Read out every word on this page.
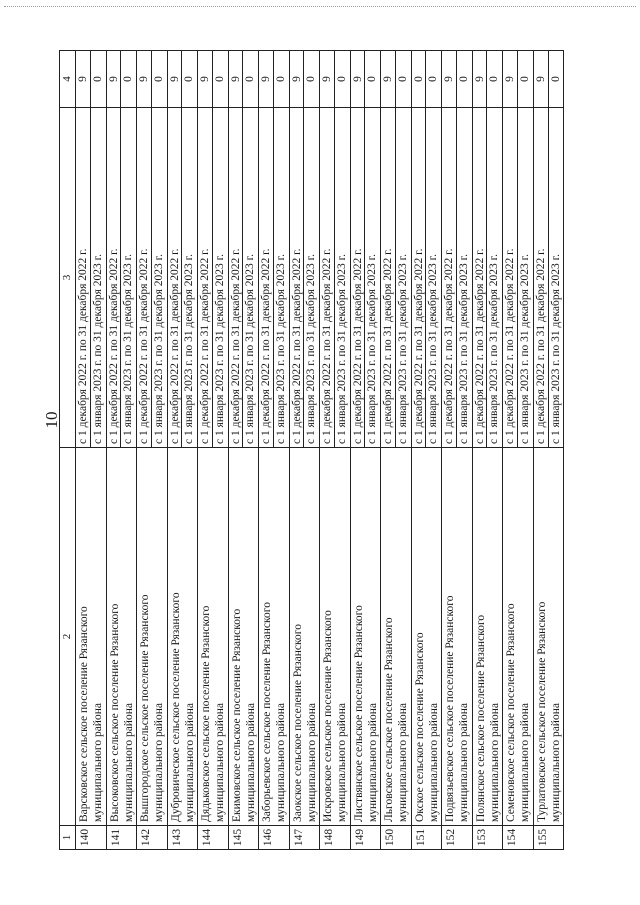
10
1
2
3
4
140
Варсковское сельское поселение Рязанского муниципального района
с 1 декабря 2022 г. по 31 декабря 2022 г. с 1 января 2023 г. по 31 декабря 2023 г.
9 0
141
Высоковское сельское поселение Рязанского муниципального района
с 1 декабря 2022 г. по 31 декабря 2022 г. с 1 января 2023 г. по 31 декабря 2023 г.
9 0
142
Вышгородское сельское поселение Рязанского муниципального района
с 1 декабря 2022 г. по 31 декабря 2022 г. с 1 января 2023 г. по 31 декабря 2023 г.
9 0
143
Дубровическое сельское поселение Рязанского муниципального района
с 1 декабря 2022 г. по 31 декабря 2022 г. с 1 января 2023 г. по 31 декабря 2023 г.
9 0
144
Дядьковское сельское поселение Рязанского муниципального района
с 1 декабря 2022 г. по 31 декабря 2022 г. с 1 января 2023 г. по 31 декабря 2023 г.
9 0
145
Екимовское сельское поселение Рязанского муниципального района
с 1 декабря 2022 г. по 31 декабря 2022 г. с 1 января 2023 г. по 31 декабря 2023 г.
9 0
146
Заборьевское сельское поселение Рязанского муниципального района
с 1 декабря 2022 г. по 31 декабря 2022 г. с 1 января 2023 г. по 31 декабря 2023 г.
9 0
147
Заокское сельское поселение Рязанского муниципального района
с 1 декабря 2022 г. по 31 декабря 2022 г. с 1 января 2023 г. по 31 декабря 2023 г.
9 0
148
Искровское сельское поселение Рязанского муниципального района
с 1 декабря 2022 г. по 31 декабря 2022 г. с 1 января 2023 г. по 31 декабря 2023 г.
9 0
149
Листвянское сельское поселение Рязанского муниципального района
с 1 декабря 2022 г. по 31 декабря 2022 г. с 1 января 2023 г. по 31 декабря 2023 г.
9 0
150
Льговское сельское поселение Рязанского муниципального района
с 1 декабря 2022 г. по 31 декабря 2022 г. с 1 января 2023 г. по 31 декабря 2023 г.
9 0
151
Окское сельское поселение Рязанского муниципального района
с 1 декабря 2022 г. по 31 декабря 2022 г. с 1 января 2023 г. по 31 декабря 2023 г.
0 0
152
Подвязьевское сельское поселение Рязанского муниципального района
с 1 декабря 2022 г. по 31 декабря 2022 г. с 1 января 2023 г. по 31 декабря 2023 г.
9 0
153
Полянское сельское поселение Рязанского муниципального района
с 1 декабря 2022 г. по 31 декабря 2022 г. с 1 января 2023 г. по 31 декабря 2023 г.
9 0
154
Семеновское сельское поселение Рязанского муниципального района
с 1 декабря 2022 г. по 31 декабря 2022 г. с 1 января 2023 г. по 31 декабря 2023 г.
9 0
155
Турлатовское сельское поселение Рязанского муниципального района
с 1 декабря 2022 г. по 31 декабря 2022 г. с 1 января 2023 г. по 31 декабря 2023 г.
9 0
